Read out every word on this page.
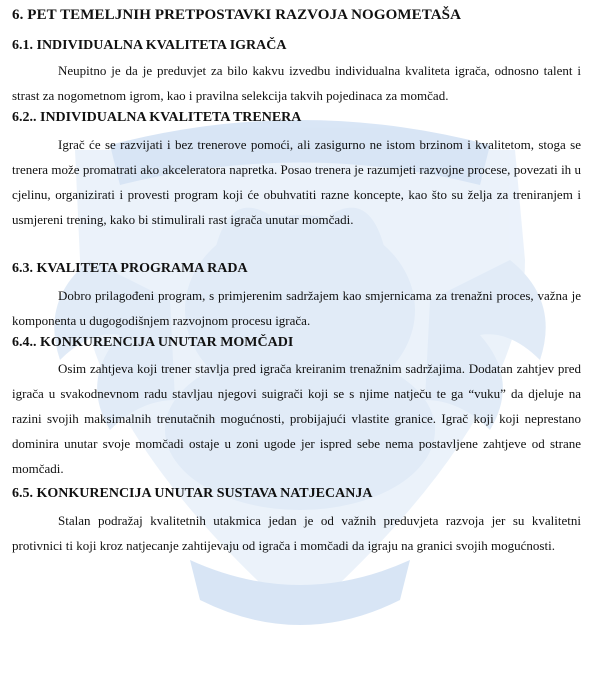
6. PET TEMELJNIH PRETPOSTAVKI RAZVOJA NOGOMETAŠA
6.1. INDIVIDUALNA KVALITETA IGRAČA
Neupitno je da je preduvjet za bilo kakvu izvedbu individualna kvaliteta igrača, odnosno talent i strast za nogometnom igrom, kao i pravilna selekcija takvih pojedinaca za momčad.
6.2.. INDIVIDUALNA KVALITETA TRENERA
Igrač će se razvijati i bez trenerove pomoći, ali zasigurno ne istom brzinom i kvalitetom, stoga se trenera može promatrati ako akceleratora napretka. Posao trenera je razumjeti razvojne procese, povezati ih u cjelinu, organizirati i provesti program koji će obuhvatiti razne koncepte, kao što su želja za treniranjem i usmjereni trening, kako bi stimulirali rast igrača unutar momčadi.
6.3. KVALITETA PROGRAMA RADA
Dobro prilagođeni program, s primjerenim sadržajem kao smjernicama za trenažni proces, važna je komponenta u dugogodišnjem razvojnom procesu igrača.
6.4.. KONKURENCIJA UNUTAR MOMČADI
Osim zahtjeva koji trener stavlja pred igrača kreiranim trenažnim sadržajima. Dodatan zahtjev pred igrača u svakodnevnom radu stavljau njegovi suigrači koji se s njime natječu te ga “vuku” da djeluje na razini svojih maksimalnih trenutačnih mogućnosti, probijajući vlastite granice. Igrač koji koji neprestano dominira unutar svoje momčadi ostaje u zoni ugode jer ispred sebe nema postavljene zahtjeve od strane momčadi.
6.5. KONKURENCIJA UNUTAR SUSTAVA NATJECANJA
Stalan podražaj kvalitetnih utakmica jedan je od važnih preduvjeta razvoja jer su kvalitetni protivnici ti koji kroz natjecanje zahtijevaju od igrača i momčadi da igraju na granici svojih mogućnosti.
